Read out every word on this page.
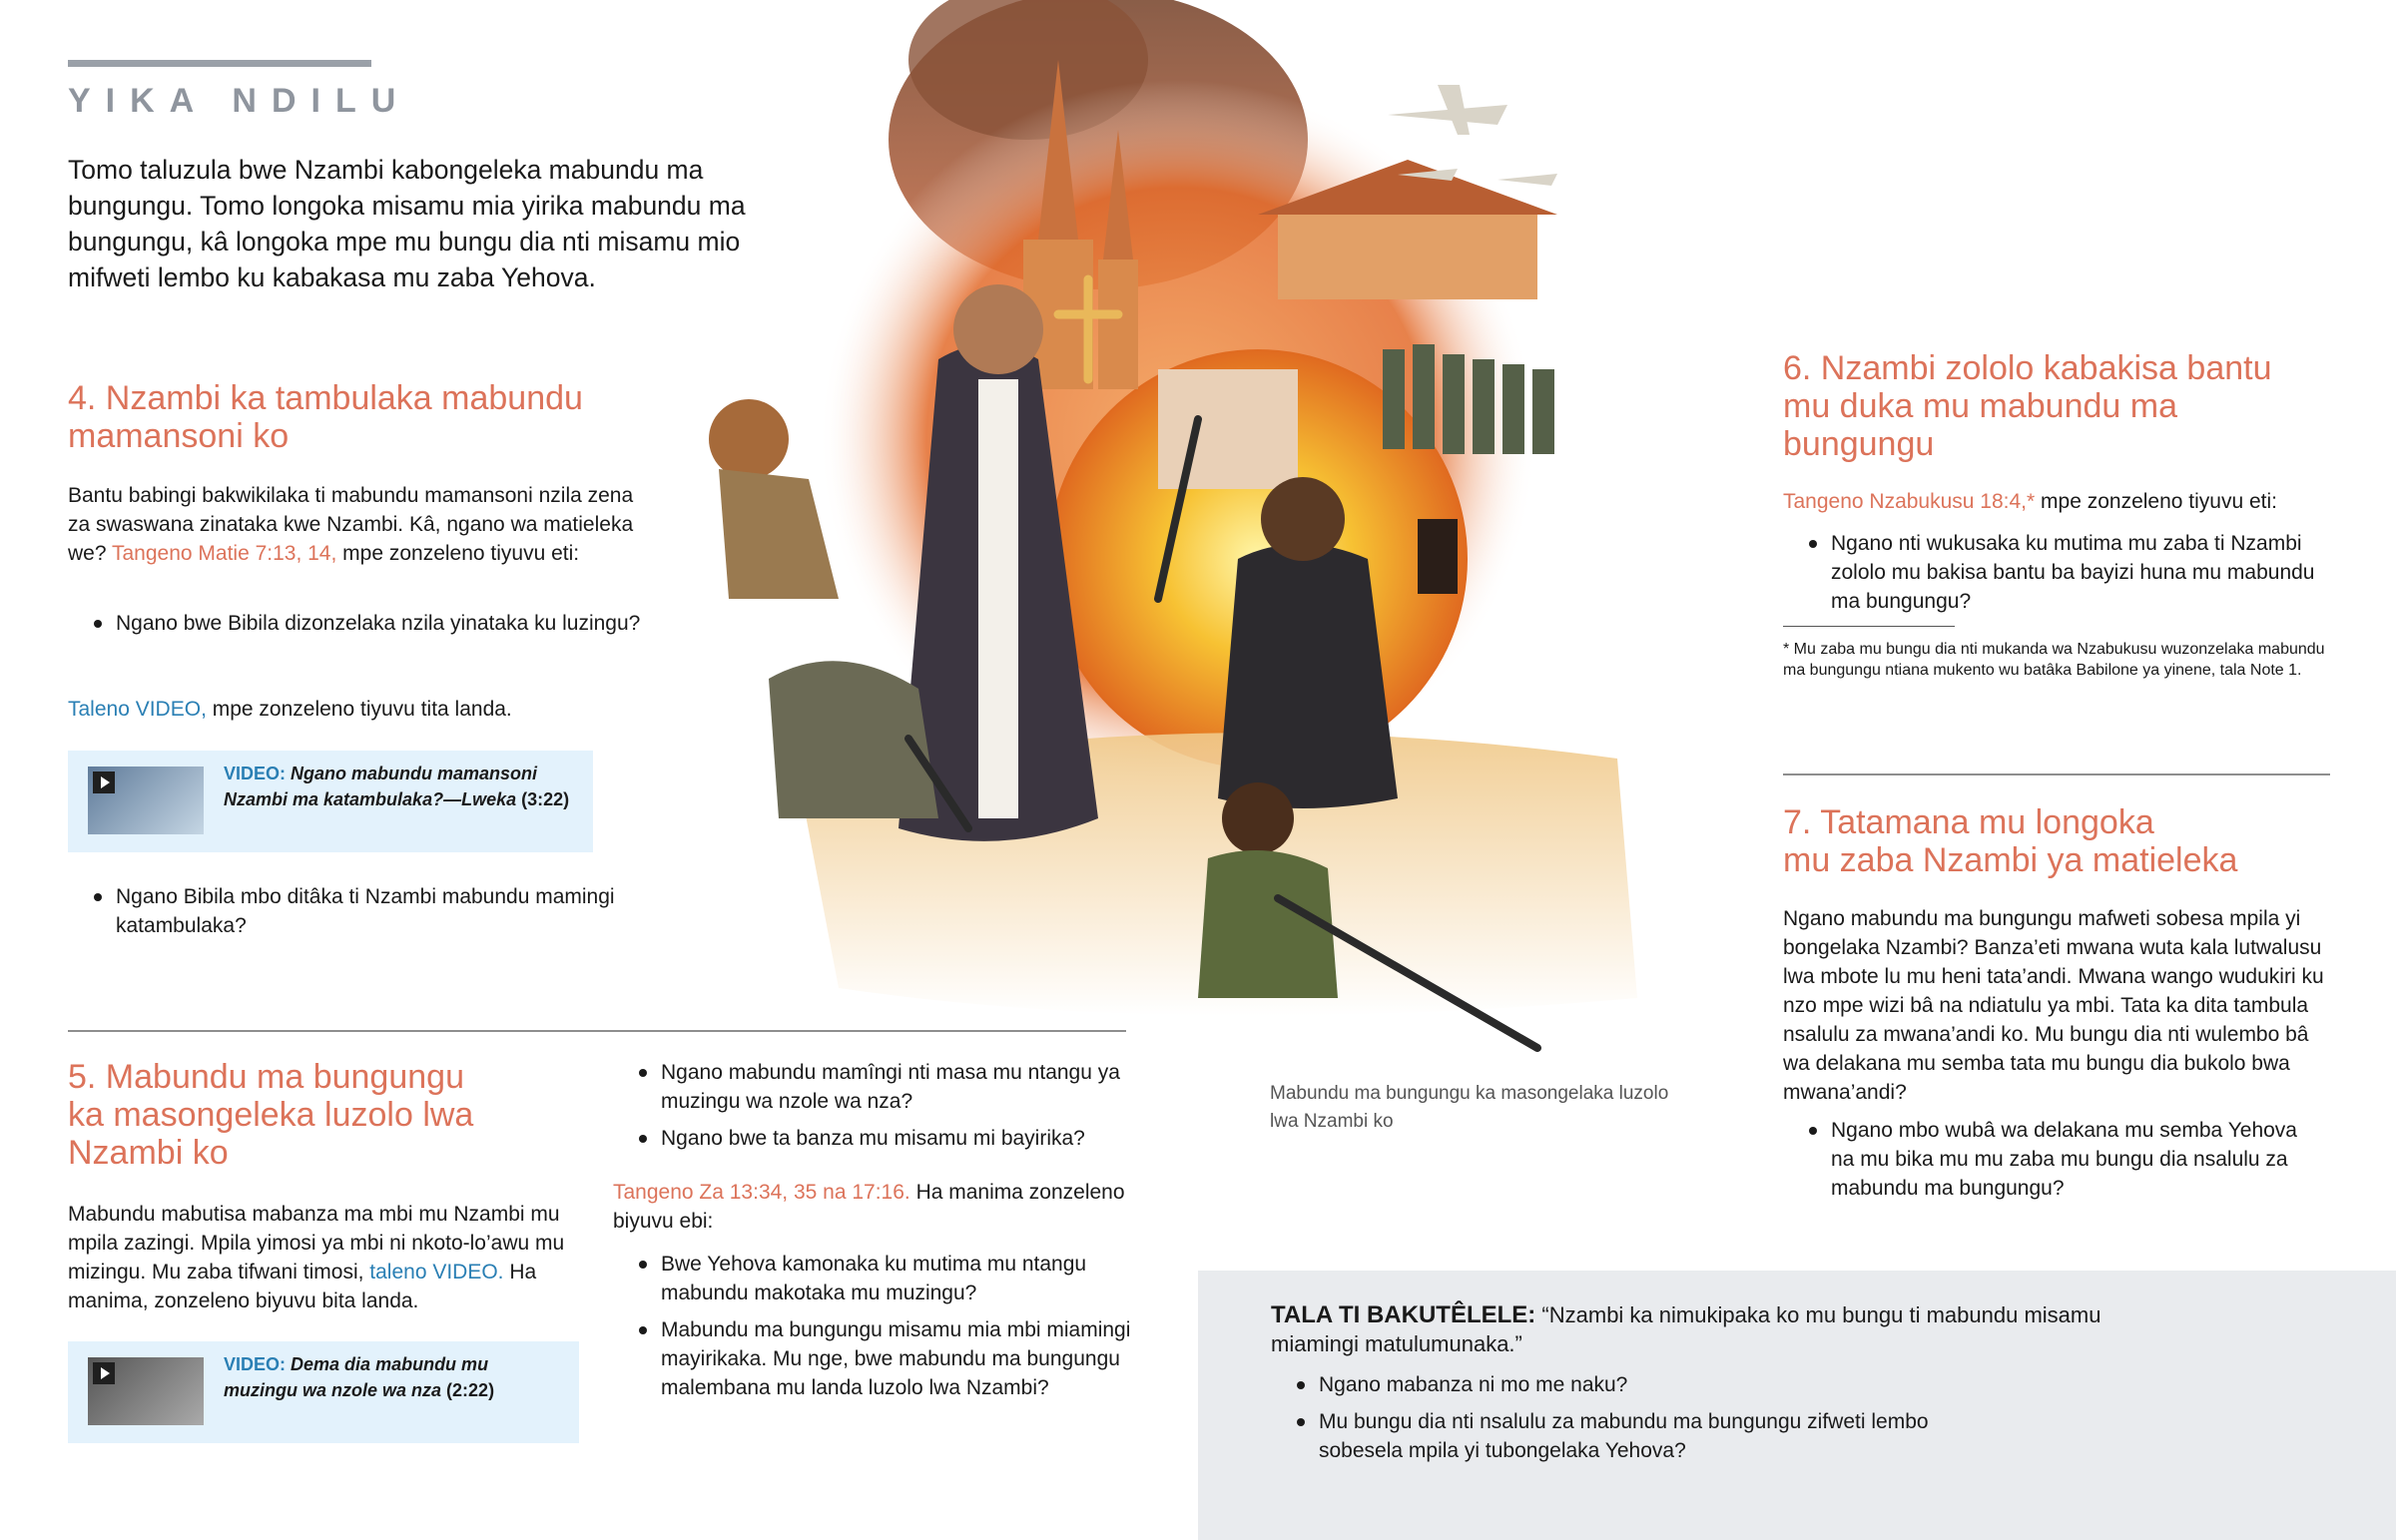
YIKA NDILU
Tomo taluzula bwe Nzambi kabongeleka mabundu ma bungungu. Tomo longoka misamu mia yirika mabundu ma bungungu, kâ longoka mpe mu bungu dia nti misamu mio mifweti lembo ku kabakasa mu zaba Yehova.
4. Nzambi ka tambulaka mabundu
mamansoni ko
Bantu babingi bakwikilaka ti mabundu mamansoni nzila zena za swaswana zinataka kwe Nzambi. Kâ, ngano wa matieleka we? Tangeno Matie 7:13, 14, mpe zonzeleno tiyuvu eti:
Ngano bwe Bibila dizonzelaka nzila yinataka ku luzingu?
Taleno VIDEO, mpe zonzeleno tiyuvu tita landa.
VIDEO: Ngano mabundu mamansoni Nzambi ma katambulaka?—Lweka (3:22)
Ngano Bibila mbo ditâka ti Nzambi mabundu mamingi katambulaka?
5. Mabundu ma bungungu
ka masongeleka luzolo lwa
Nzambi ko
Mabundu mabutisa mabanza ma mbi mu Nzambi mu mpila zazingi. Mpila yimosi ya mbi ni nkoto-lo’awu mu mizingu. Mu zaba tifwani timosi, taleno VIDEO. Ha manima, zonzeleno biyuvu bita landa.
VIDEO: Dema dia mabundu mu muzingu wa nzole wa nza (2:22)
Ngano mabundu mamîngi nti masa mu ntangu ya muzingu wa nzole wa nza?
Ngano bwe ta banza mu misamu mi bayirika?
Tangeno Za 13:34, 35 na 17:16. Ha manima zonzeleno biyuvu ebi:
Bwe Yehova kamonaka ku mutima mu ntangu mabundu makotaka mu muzingu?
Mabundu ma bungungu misamu mia mbi miamingi mayirikaka. Mu nge, bwe mabundu ma bungungu malembana mu landa luzolo lwa Nzambi?
Mabundu ma bungungu ka masongelaka luzolo lwa Nzambi ko
6. Nzambi zololo kabakisa bantu
mu duka mu mabundu ma
bungungu
Tangeno Nzabukusu 18:4,* mpe zonzeleno tiyuvu eti:
Ngano nti wukusaka ku mutima mu zaba ti Nzambi zololo mu bakisa bantu ba bayizi huna mu mabundu ma bungungu?
* Mu zaba mu bungu dia nti mukanda wa Nzabukusu wuzonzelaka mabundu ma bungungu ntiana mukento wu batâka Babilone ya yinene, tala Note 1.
7. Tatamana mu longoka
mu zaba Nzambi ya matieleka
Ngano mabundu ma bungungu mafweti sobesa mpila yi bongelaka Nzambi? Banza’eti mwana wuta kala lutwalusu lwa mbote lu mu heni tata’andi. Mwana wango wudukiri ku nzo mpe wizi bâ na ndiatulu ya mbi. Tata ka dita tambula nsalulu za mwana’andi ko. Mu bungu dia nti wulembo bâ wa delakana mu semba tata mu bungu dia bukolo bwa mwana’andi?
Ngano mbo wubâ wa delakana mu semba Yehova na mu bika mu mu zaba mu bungu dia nsalulu za mabundu ma bungungu?
TALA TI BAKUTÊLELE: “Nzambi ka nimukipaka ko mu bungu ti mabundu misamu miamingi matulumunaka.”
Ngano mabanza ni mo me naku?
Mu bungu dia nti nsalulu za mabundu ma bungungu zifweti lembo sobesela mpila yi tubongelaka Yehova?
